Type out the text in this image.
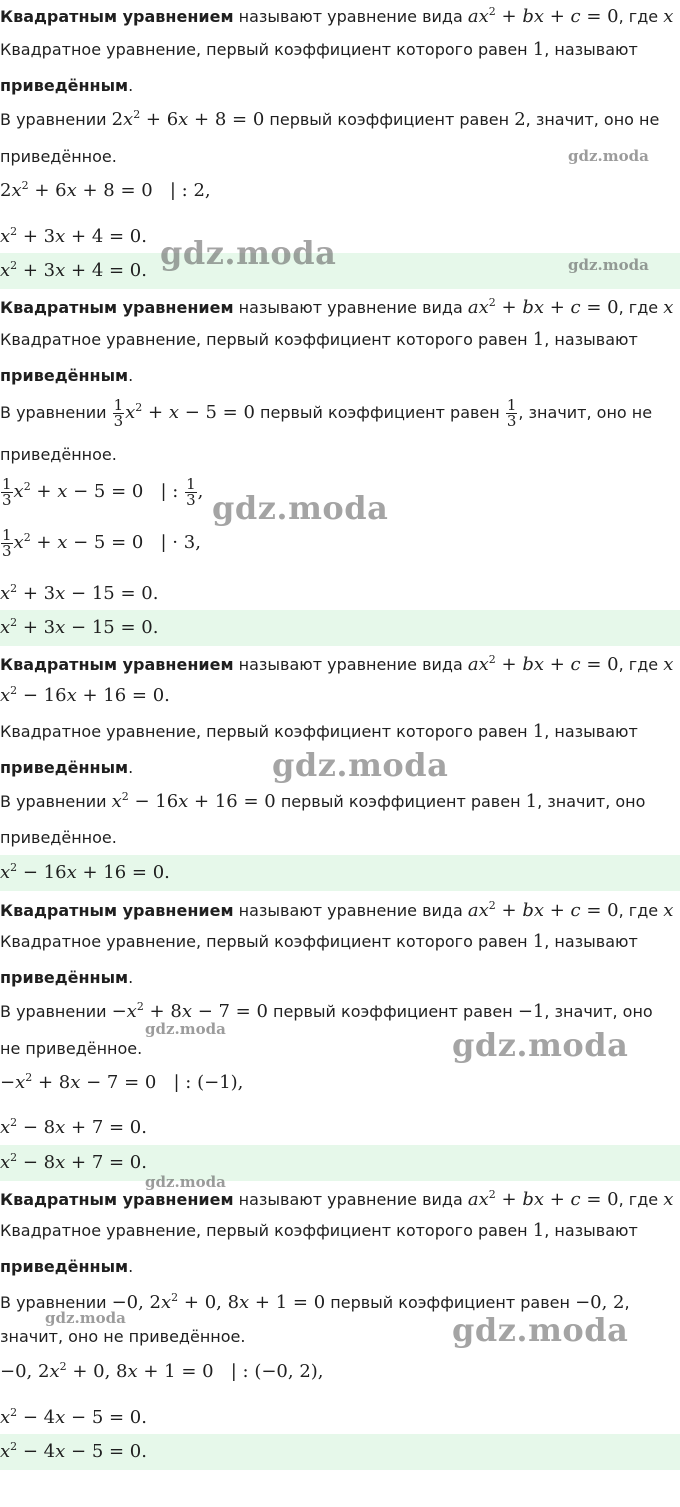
Квадратным уравнением называют уравнение вида $ax^2$ + bx + c = 0, где x
Квадратное уравнение, первый коэффициент которого равен 1, называют
приведённым.
В уравнении $2x^2 + 6x + 8 = 0$ первый коэффициент равен 2, значит, оно не
приведённое.
$2x^2 + 6x + 8 = 0$   | : 2,
$x^2 + 3x + 4 = 0$.
$x^2 + 3x + 4 = 0$.
Квадратным уравнением называют уравнение вида $ax^2$ + bx + c = 0, где x
Квадратное уравнение, первый коэффициент которого равен 1, называют
приведённым.
В уравнении $\frac{1}{3} x^2 + x - 5 = 0$ первый коэффициент равен $\frac{1}{3}$ , значит, оно не
приведённое.
$\frac{1}{3} x^2 + x - 5 = 0$   | : $\frac{1}{3}$ ,
$\frac{1}{3} x^2 + x - 5 = 0$   | · 3,
$x^2 + 3x - 15 = 0$.
$x^2 + 3x - 15 = 0$.
Квадратным уравнением называют уравнение вида $ax^2$ + bx + c = 0, где x
$x^2 - 16x + 16 = 0$.
Квадратное уравнение, первый коэффициент которого равен 1, называют
приведённым.
В уравнении $x^2 - 16x + 16 = 0$ первый коэффициент равен 1, значит, оно
приведённое.
$x^2 - 16x + 16 = 0$.
Квадратным уравнением называют уравнение вида $ax^2$ + bx + c = 0, где x
Квадратное уравнение, первый коэффициент которого равен 1, называют
приведённым.
В уравнении $-x^2 + 8x - 7 = 0$ первый коэффициент равен −1, значит, оно
не приведённое.
$-x^2 + 8x - 7 = 0$   | : (−1),
$x^2 - 8x + 7 = 0$.
$x^2 - 8x + 7 = 0$.
Квадратным уравнением называют уравнение вида $ax^2$ + bx + c = 0, где x
Квадратное уравнение, первый коэффициент которого равен 1, называют
приведённым.
В уравнении −0, $2x^2 + 0$, 8x + 1 = 0 первый коэффициент равен −0, 2,
значит, оно не приведённое.
−0, $2x^2 + 0$, 8x + 1 = 0   | : (−0, 2),
$x^2 - 4x - 5 = 0$.
$x^2 - 4x - 5 = 0$.
gdz.moda
gdz.moda	gdz.moda
gdz.moda
gdz.moda
gdz.moda	gdz.moda
gdz.moda
gdz.moda	gdz.moda
